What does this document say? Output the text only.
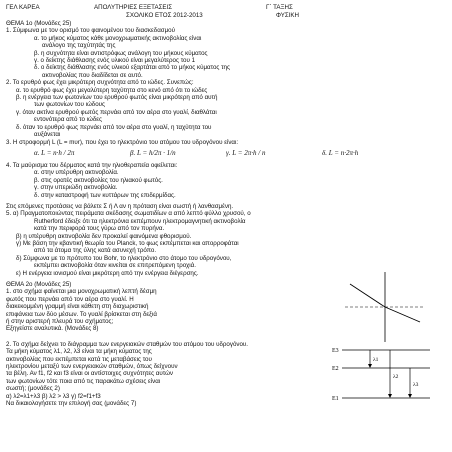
ΓΕΛ ΚΑΡΕΑ	ΑΠΟΛΥΤΗΡΙΕΣ ΕΞΕΤΑΣΕΙΣ	Γ΄ ΤΑΞΗΣ
ΣΧΟΛΙΚΟ ΕΤΟΣ 2012-2013	ΦΥΣΙΚΗ
ΘΕΜΑ 1ο (Μονάδες 25)
1. Σύμφωνα με τον ορισμό του φαινομένου του διασκεδασμού
α. το μήκος κύματος κάθε μονοχρωματικής ακτινοβολίας είναι
ανάλογο της ταχύτητάς της
β. η συχνότητα είναι αντιστρόφως ανάλογη του μήκους κύματος
γ. ο δείκτης διάθλασης ενός υλικού είναι μεγαλύτερος του 1
δ. ο δείκτης διάθλασης ενός υλικού εξαρτάται από το μήκος κύματος της
ακτινοβολίας που διαδίδεται σε αυτό.
2. Το ερυθρό φως έχει μικρότερη συχνότητα από το ιώδες. Συνεπώς:
α. το ερυθρό φως έχει μεγαλύτερη ταχύτητα στο κενό από ότι το ιώδες
β. η ενέργεια των φωτονίων του ερυθρού φωτός είναι μικρότερη από αυτή
των φωτονίων του ιώδους
γ. όταν ακτίνα ερυθρού φωτός περνάει από τον αέρα στο γυαλί, διαθλάται
εντονότερα από το ιώδες
δ. όταν το ερυθρό φως περνάει από τον αέρα στο γυαλί, η ταχύτητα του
αυξάνεται
3. Η στροφορμή L (L = mυr), που έχει το ηλεκτρόνιο του ατόμου του υδρογόνου είναι:
α. L = n·h / 2π	β. L = h/2π · 1/n	γ. L = 2π·h / n	δ. L = n·2π·h
4. Τα μαύρισμα του δέρματος κατά την ηλιοθεραπεία οφείλεται:
α. στην υπέρυθρη ακτινοβολία.
β. στις ορατές ακτινοβολίες του ηλιακού φωτός.
γ. στην υπεριώδη ακτινοβολία.
δ. στην καταστροφή των κυττάρων της επιδερμίδας.
Στις επόμενες προτάσεις να βάλετε Σ ή Λ αν η πρόταση είναι σωστή ή λανθασμένη.
5. α) Πραγματοποιώντας πειράματα σκέδασης σωματιδίων α από λεπτό φύλλο χρυσού, ο
Rutherford έδειξε ότι τα ηλεκτρόνια εκπέμπουν ηλεκτρομαγνητική ακτινοβολία
κατά την περιφορά τους γύρω από τον πυρήνα.
β) η υπέρυθρη ακτινοβολία δεν προκαλεί φαινόμενα φθορισμού.
γ) Με βάση την κβαντική θεωρία του Planck, το φως εκπέμπεται και απορροφάται
από τα άτομα της ύλης κατά ασυνεχή τρόπο.
δ) Σύμφωνα με το πρότυπο του Bohr, το ηλεκτρόνιο στο άτομο του υδρογόνου,
εκπέμπει ακτινοβολία όταν κινείται σε επιτρεπόμενη τροχιά.
ε) Η ενέργεια ιονισμού είναι μικρότερη από την ενέργεια διέγερσης.
ΘΕΜΑ 2ο (Μονάδες 25)
1. στο σχήμα φαίνεται μια μονοχρωματική λεπτή δέσμη
φωτός που περνάει από τον αέρα στο γυαλί. Η
διακεκομμένη γραμμή είναι κάθετη στη διαχωριστική
επιφάνεια των δύο μέσων. Το γυαλί βρίσκεται στη δεξιά
ή στην αριστερή πλευρά του σχήματος;
Εξηγείστε αναλυτικά. (Μονάδες 8)
2. Το σχήμα δείχνει το διάγραμμα των ενεργειακών σταθμών του ατόμου του υδρογόνου.
Τα μήκη κύματος λ1, λ2, λ3 είναι τα μήκη κύματος της
ακτινοβολίας που εκπέμπεται κατά τις μεταβάσεις του
ηλεκτρονίου μεταξύ των ενεργειακών σταθμών, όπως δείχνουν
τα βέλη. Αν f1, f2 και f3 είναι οι αντίστοιχες συχνότητες αυτών
των φωτονίων τότε ποια από τις παρακάτω σχέσεις είναι
σωστή; (μονάδες 2)
α) λ2=λ1+λ3 β) λ2 > λ3 γ) f2=f1+f3
Να δικαιολογήσετε την επιλογή σας (μονάδες 7)
E3
E2
E1
λ1
λ2
λ3
